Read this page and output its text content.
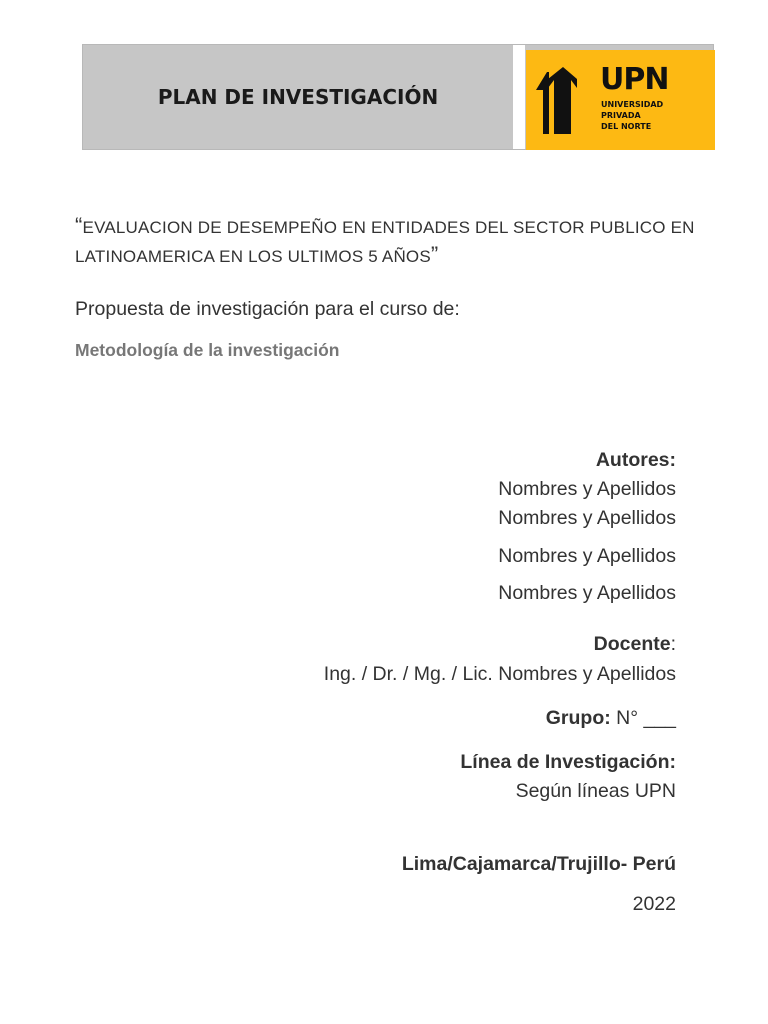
PLAN DE INVESTIGACIÓN	UPN
UNIVERSIDAD
PRIVADA
DEL NORTE
“EVALUACION DE DESEMPEÑO EN ENTIDADES DEL SECTOR PUBLICO EN LATINOAMERICA EN LOS ULTIMOS 5 AÑOS”
Propuesta de investigación para el curso de:
Metodología de la investigación
Autores:
Nombres y Apellidos
Nombres y Apellidos
Nombres y Apellidos
Nombres y Apellidos
Docente:
Ing. / Dr. / Mg. / Lic. Nombres y Apellidos
Grupo: N° ___
Línea de Investigación:
Según líneas UPN
Lima/Cajamarca/Trujillo- Perú
2022
